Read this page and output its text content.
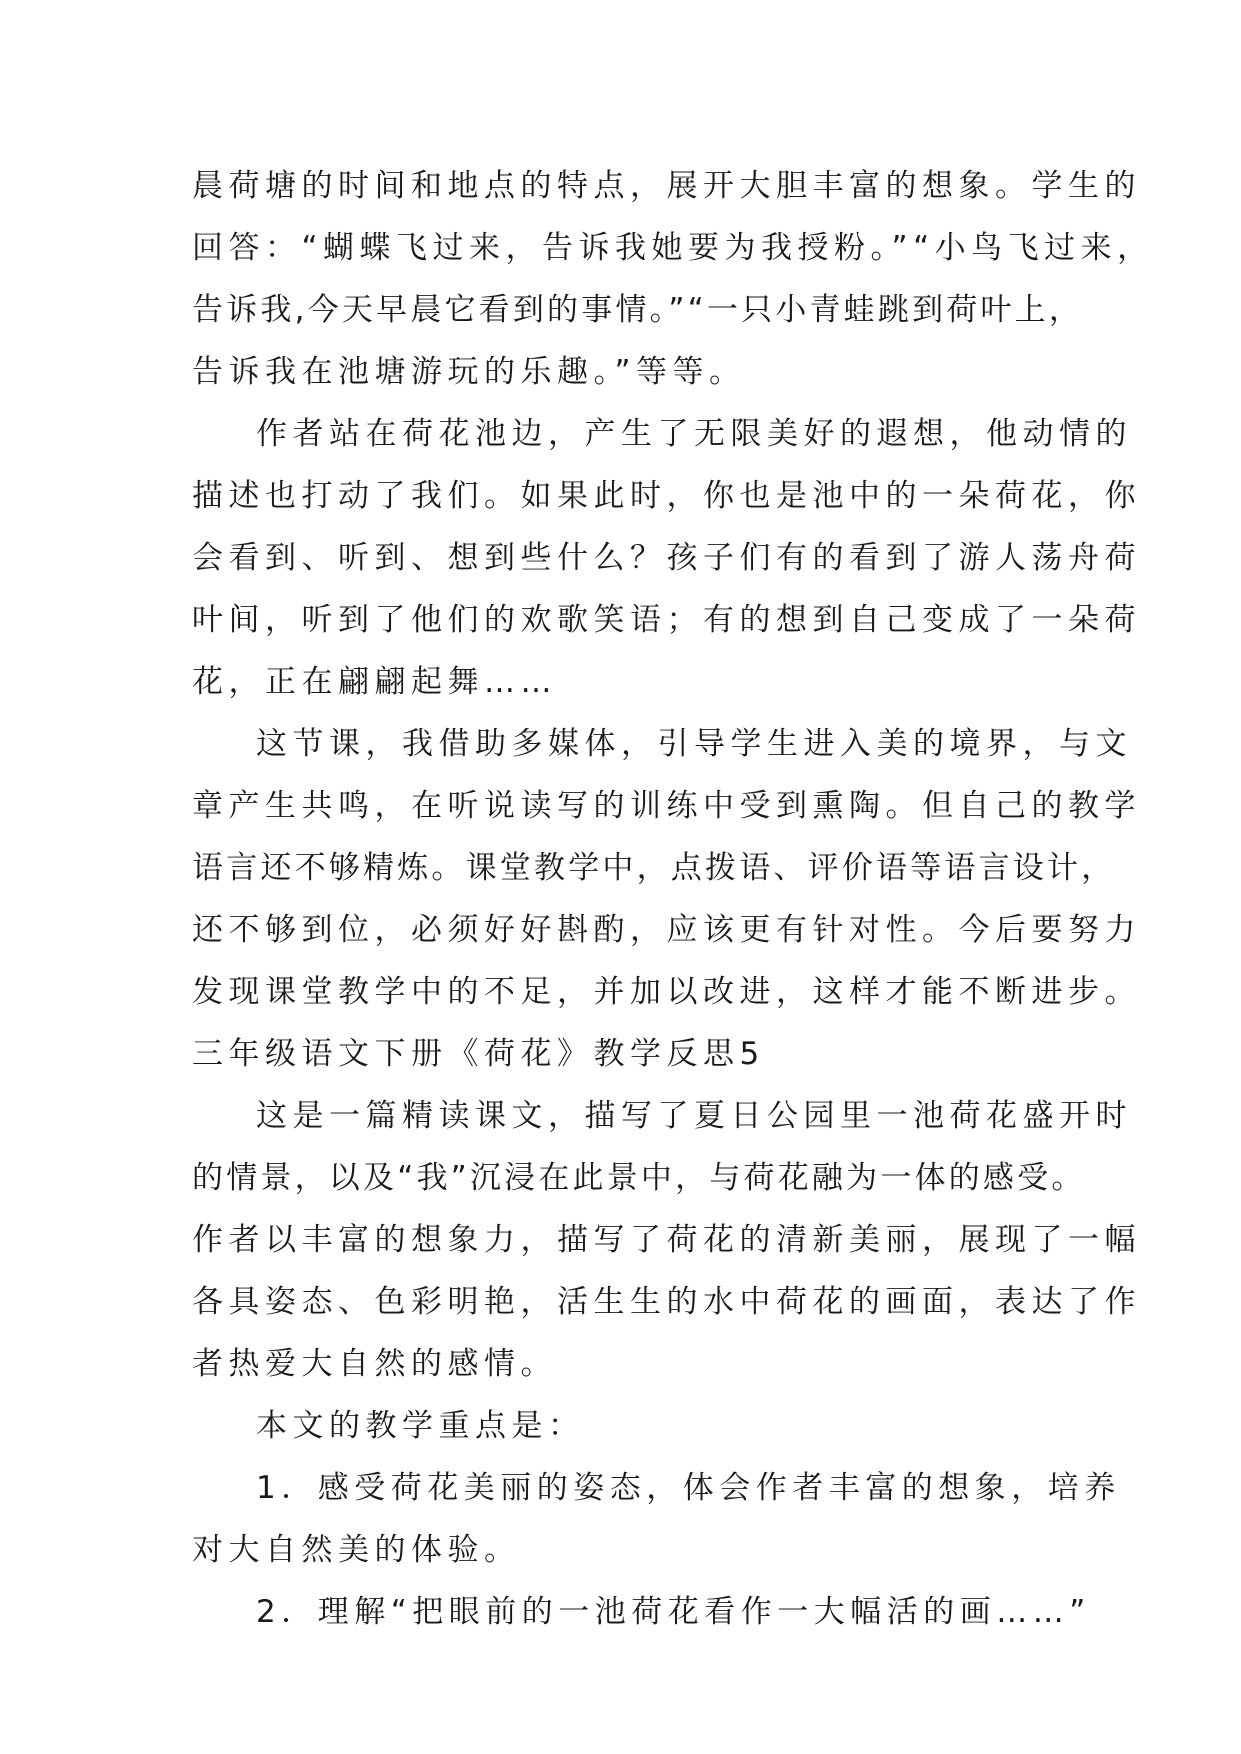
晨荷塘的时间和地点的特点，展开大胆丰富的想象。学生的
回答：“蝴蝶飞过来，告诉我她要为我授粉。”“小鸟飞过来，
告诉我,今天早晨它看到的事情。”“一只小青蛙跳到荷叶上，
告诉我在池塘游玩的乐趣。”等等。
作者站在荷花池边，产生了无限美好的遐想，他动情的
描述也打动了我们。如果此时，你也是池中的一朵荷花，你
会看到、听到、想到些什么？孩子们有的看到了游人荡舟荷
叶间，听到了他们的欢歌笑语；有的想到自己变成了一朵荷
花，正在翩翩起舞……
这节课，我借助多媒体，引导学生进入美的境界，与文
章产生共鸣，在听说读写的训练中受到熏陶。但自己的教学
语言还不够精炼。课堂教学中，点拨语、评价语等语言设计，
还不够到位，必须好好斟酌，应该更有针对性。今后要努力
发现课堂教学中的不足，并加以改进，这样才能不断进步。
三年级语文下册《荷花》教学反思5
这是一篇精读课文，描写了夏日公园里一池荷花盛开时
的情景，以及“我”沉浸在此景中，与荷花融为一体的感受。
作者以丰富的想象力，描写了荷花的清新美丽，展现了一幅
各具姿态、色彩明艳，活生生的水中荷花的画面，表达了作
者热爱大自然的感情。
本文的教学重点是：
1．感受荷花美丽的姿态，体会作者丰富的想象，培养
对大自然美的体验。
2．理解“把眼前的一池荷花看作一大幅活的画……”
